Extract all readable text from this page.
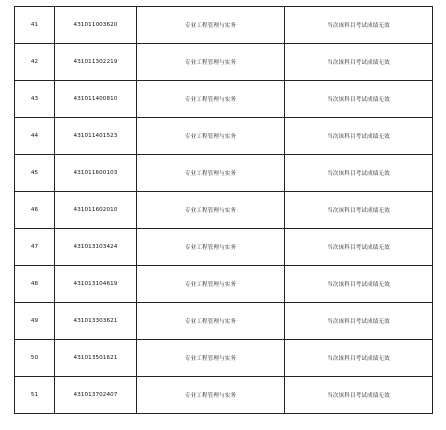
41	431011003620	专业工程管理与实务	当次该科目考试成绩无效
42	431011302219	专业工程管理与实务	当次该科目考试成绩无效
43	431011400810	专业工程管理与实务	当次该科目考试成绩无效
44	431011401523	专业工程管理与实务	当次该科目考试成绩无效
45	431011600103	专业工程管理与实务	当次该科目考试成绩无效
46	431011602010	专业工程管理与实务	当次该科目考试成绩无效
47	431013103424	专业工程管理与实务	当次该科目考试成绩无效
48	431013104619	专业工程管理与实务	当次该科目考试成绩无效
49	431013303621	专业工程管理与实务	当次该科目考试成绩无效
50	431013501621	专业工程管理与实务	当次该科目考试成绩无效
51	431013702407	专业工程管理与实务	当次该科目考试成绩无效
